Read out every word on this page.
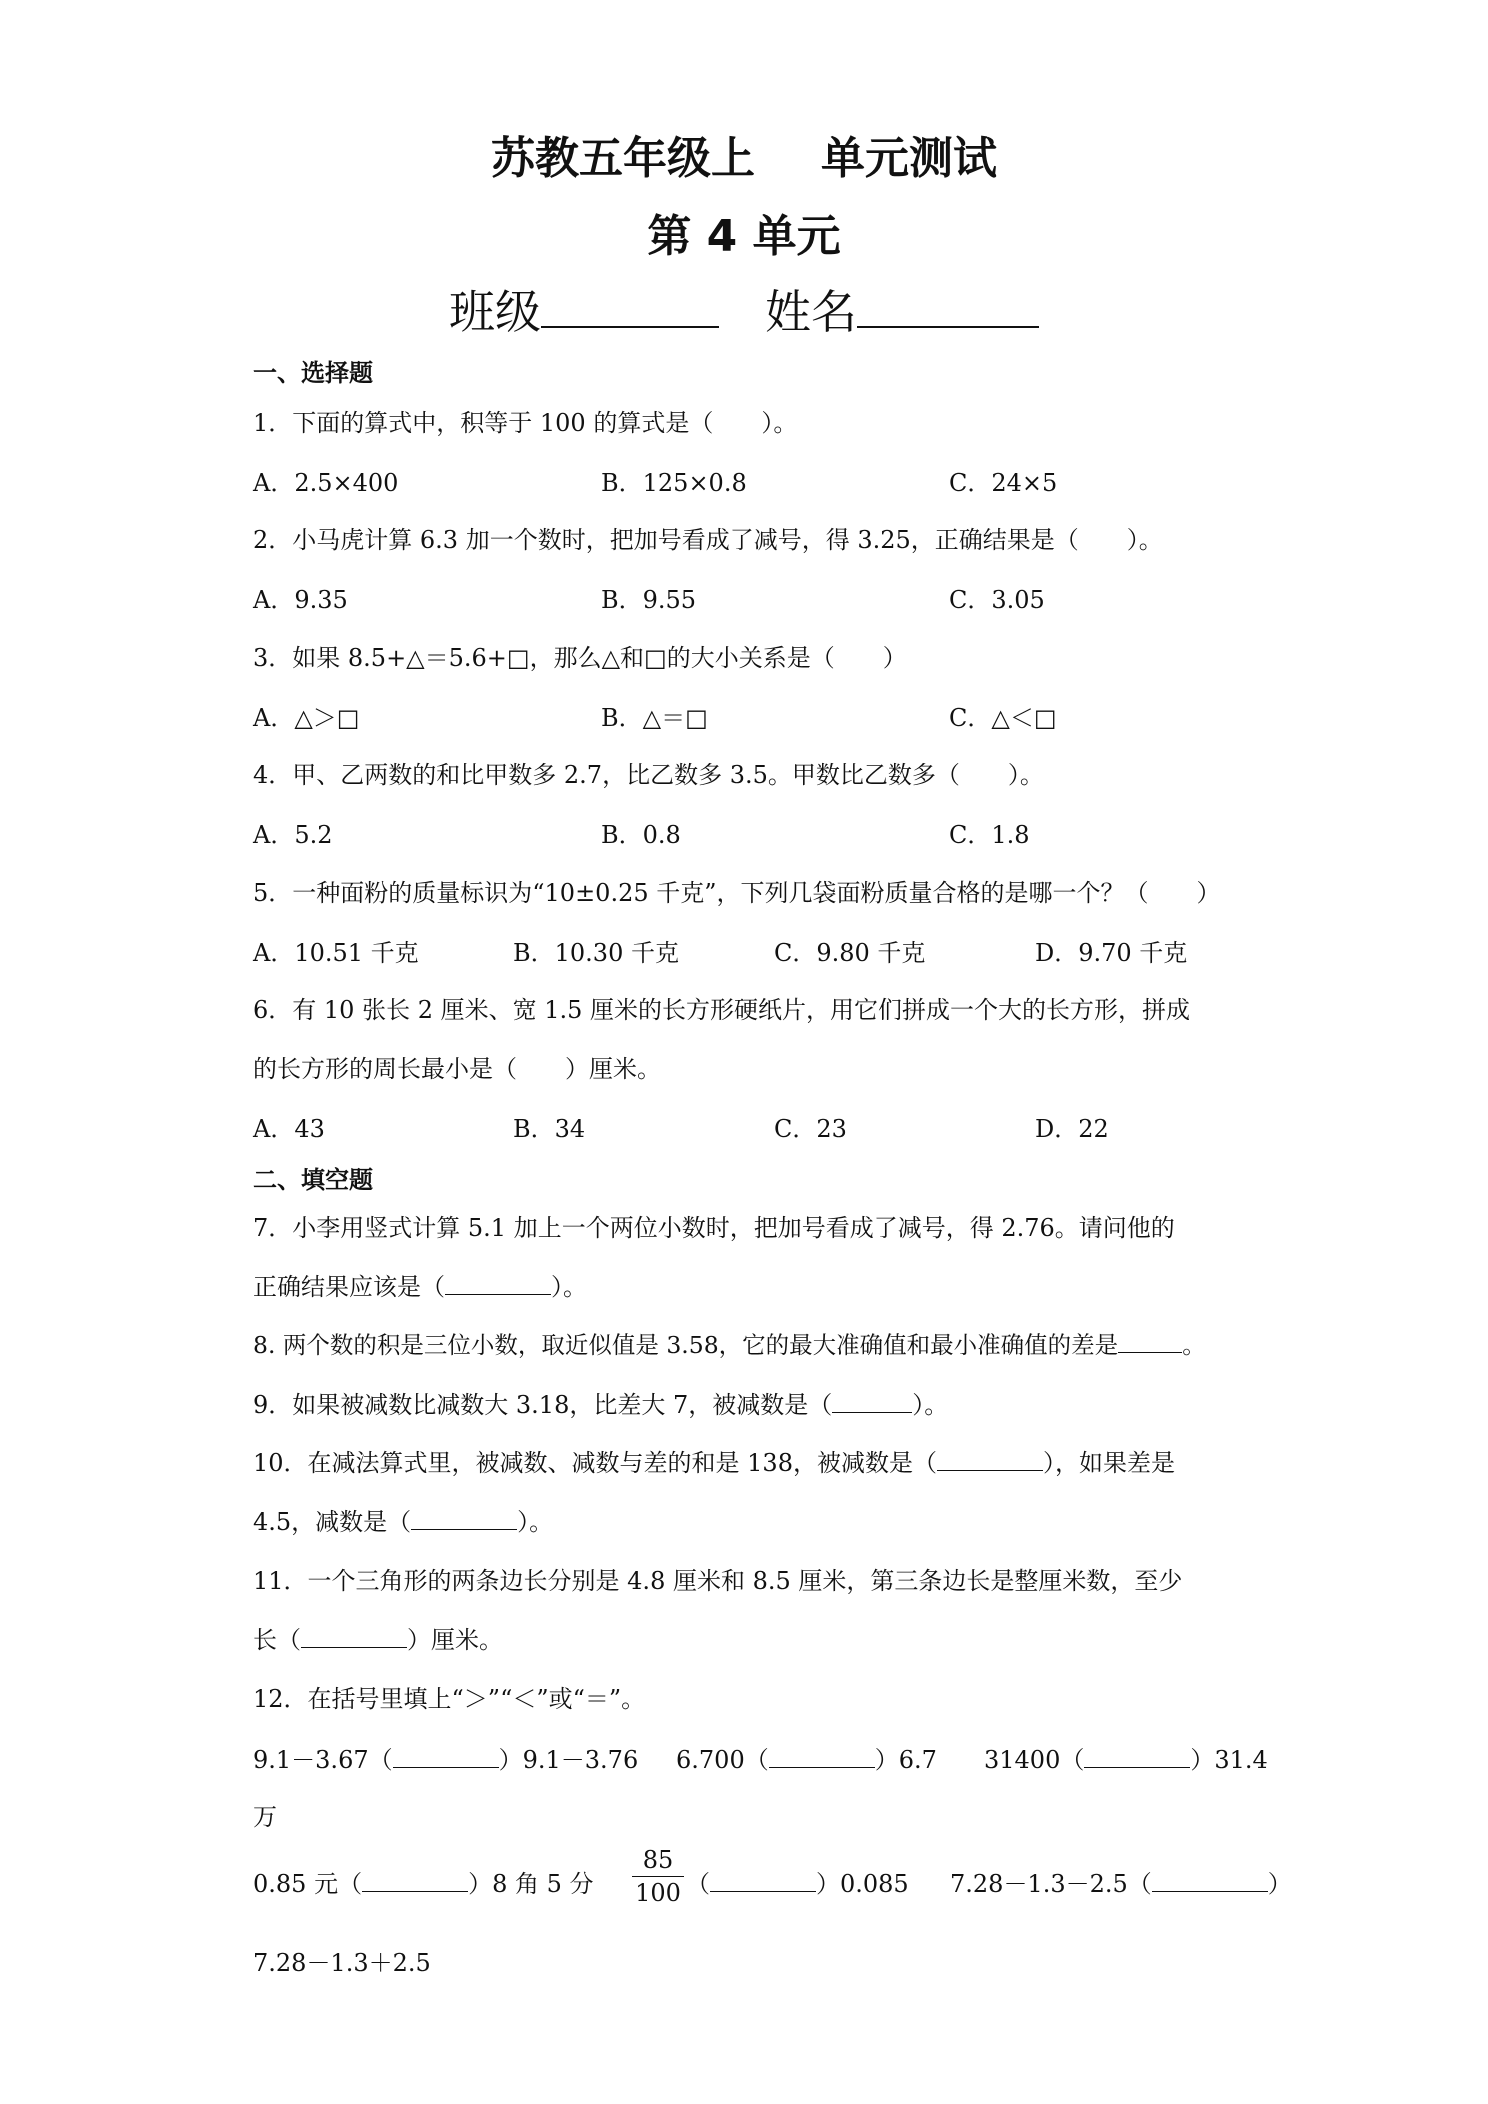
苏教五年级上 单元测试
第 4 单元
班级	姓名
一、选择题
1．下面的算式中，积等于 100 的算式是（　　）。
A．2.5×400	B．125×0.8	C．24×5
2．小马虎计算 6.3 加一个数时，把加号看成了减号，得 3.25，正确结果是（　　）。
A．9.35	B．9.55	C．3.05
3．如果 8.5+△＝5.6+□，那么△和□的大小关系是（　　）
A．△＞□	B．△＝□	C．△＜□
4．甲、乙两数的和比甲数多 2.7，比乙数多 3.5。甲数比乙数多（　　）。
A．5.2	B．0.8	C．1.8
5．一种面粉的质量标识为“10±0.25 千克”，下列几袋面粉质量合格的是哪一个？（　　）
A．10.51 千克	B．10.30 千克	C．9.80 千克	D．9.70 千克
6．有 10 张长 2 厘米、宽 1.5 厘米的长方形硬纸片，用它们拼成一个大的长方形，拼成
的长方形的周长最小是（　　）厘米。
A．43	B．34	C．23	D．22
二、填空题
7．小李用竖式计算 5.1 加上一个两位小数时，把加号看成了减号，得 2.76。请问他的
正确结果应该是（	）。
8. 两个数的积是三位小数，取近似值是 3.58，它的最大准确值和最小准确值的差是	。
9．如果被减数比减数大 3.18，比差大 7，被减数是（	）。
10．在减法算式里，被减数、减数与差的和是 138，被减数是（	），如果差是
4.5，减数是（	）。
11．一个三角形的两条边长分别是 4.8 厘米和 8.5 厘米，第三条边长是整厘米数，至少
长（	）厘米。
12．在括号里填上“＞”“＜”或“＝”。
9.1－3.67（	）9.1－3.76 6.700（	）6.7 31400（	）31.4
万
0.85 元（	）8 角 5 分	（	）0.085 7.28－1.3－2.5（	）
$\frac{85}{100}$
7.28－1.3＋2.5
